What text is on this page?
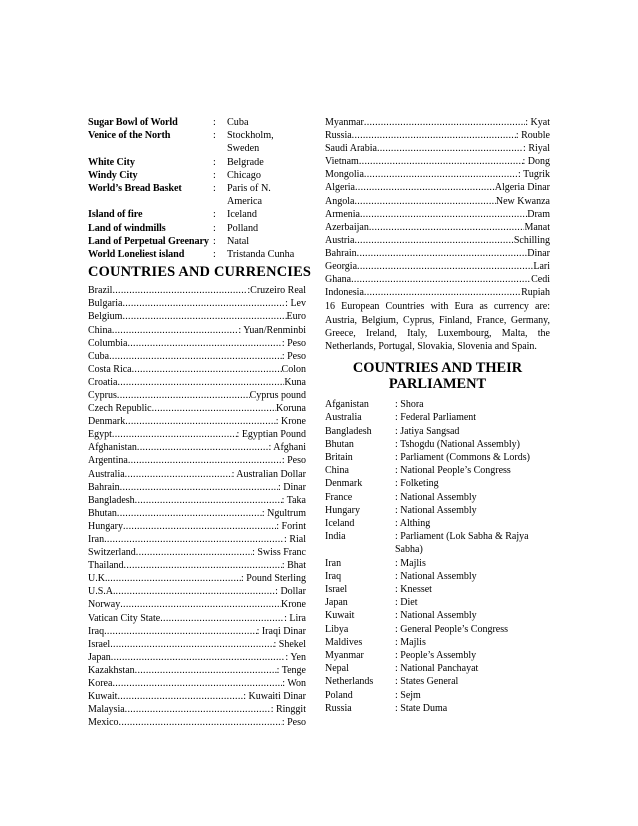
Sugar Bowl of World	:	Cuba
Venice of the North	:	Stockholm, Sweden
White City	:	Belgrade
Windy City	:	Chicago
World’s Bread Basket	:	Paris of N. America
Island of fire	:	Iceland
Land of windmills	:	Polland
Land of Perpetual Greenary :	Natal
World Loneliest island	:	Tristanda Cunha
COUNTRIES AND CURRENCIES
Brazil .....	:Cruzeiro Real
Bulgaria .....	: Lev
Belgium .....	Euro
China .....	: Yuan/Renminbi
Columbia .....	: Peso
Cuba .....	: Peso
Costa Rica .....	Colon
Croatia .....	Kuna
Cyprus .....	Cyprus pound
Czech Republic .....	Koruna
Denmark .....	: Krone
Egypt .....	: Egyptian Pound
Afghanistan .....	: Afghani
Argentina .....	: Peso
Australia .....	: Australian Dollar
Bahrain .....	: Dinar
Bangladesh .....	: Taka
Bhutan .....	: Ngultrum
Hungary .....	: Forint
Iran .....	: Rial
Switzerland .....	: Swiss Franc
Thailand .....	: Bhat
U.K. .....	: Pound Sterling
U.S.A. .....	: Dollar
Norway .....	Krone
Vatican City State .....	: Lira
Iraq .....	: Iraqi Dinar
Israel .....	: Shekel
Japan .....	: Yen
Kazakhstan .....	: Tenge
Korea .....	: Won
Kuwait .....	: Kuwaiti Dinar
Malaysia .....	: Ringgit
Mexico .....	: Peso
Myanmar .....	: Kyat
Russia .....	: Rouble
Saudi Arabia .....	: Riyal
Vietnam .....	: Dong
Mongolia .....	: Tugrik
Algeria .....	Algeria Dinar
Angola .....	New Kwanza
Armenia .....	Dram
Azerbaijan .....	Manat
Austria .....	Schilling
Bahrain .....	Dinar
Georgia .....	Lari
Ghana .....	Cedi
Indonesia .....	Rupiah
16 European Countries with Eura as currency are: Austria, Belgium, Cyprus, Finland, France, Germany, Greece, Ireland, Italy, Luxembourg, Malta, the Netherlands, Portugal, Slovakia, Slovenia and Spain.
COUNTRIES AND THEIR PARLIAMENT
Afganistan	: Shora
Australia	: Federal Parliament
Bangladesh	: Jatiya Sangsad
Bhutan	: Tshogdu (National Assembly)
Britain	: Parliament (Commons & Lords)
China	: National People’s Congress
Denmark	: Folketing
France	: National Assembly
Hungary	: National Assembly
Iceland	: Althing
India	: Parliament (Lok Sabha & Rajya Sabha)
Iran	: Majlis
Iraq	: National Assembly
Israel	: Knesset
Japan	: Diet
Kuwait	: National Assembly
Libya	: General People’s Congress
Maldives	: Majlis
Myanmar	: People’s Assembly
Nepal	: National Panchayat
Netherlands	: States General
Poland	: Sejm
Russia	: State Duma
